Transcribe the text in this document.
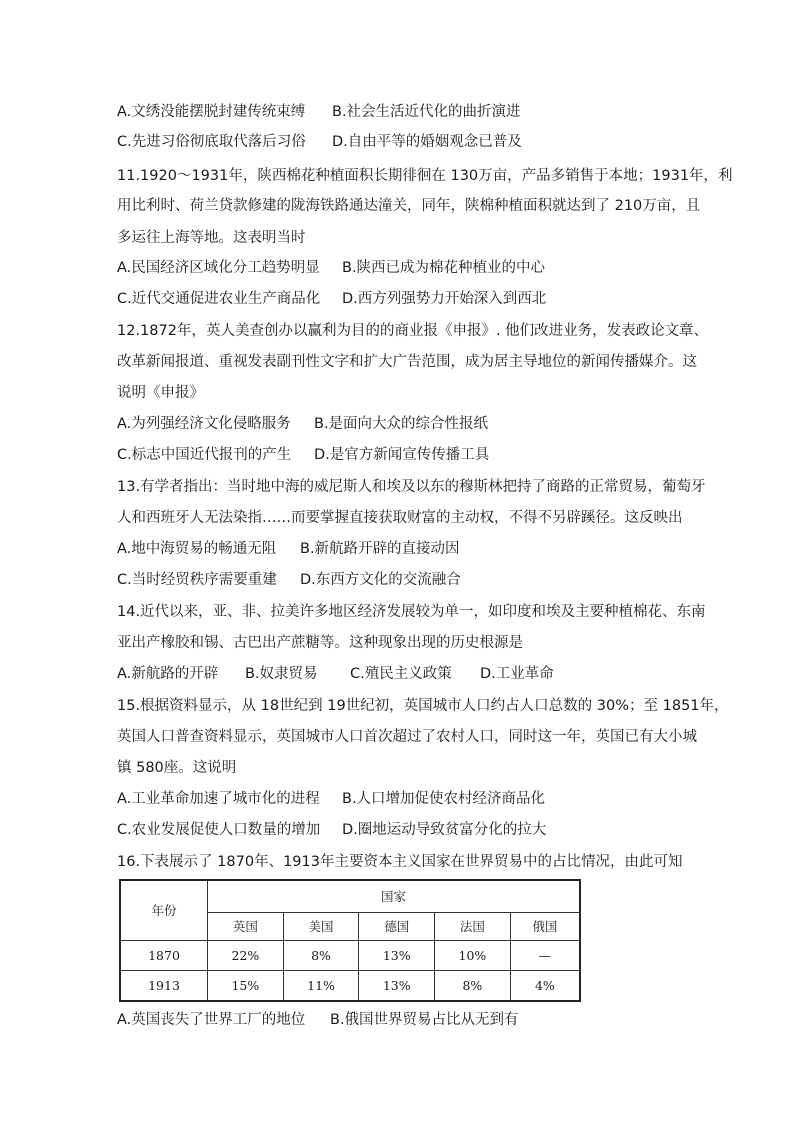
A.文绣没能摆脱封建传统束缚 B.社会生活近代化的曲折演进
C.先进习俗彻底取代落后习俗 D.自由平等的婚姻观念已普及
11.1920～1931年，陕西棉花种植面积长期徘徊在 130万亩，产品多销售于本地；1931年，利
用比利时、荷兰贷款修建的陇海铁路通达潼关，同年，陕棉种植面积就达到了 210万亩，且
多运往上海等地。这表明当时
A.民国经济区域化分工趋势明显 B.陕西已成为棉花种植业的中心
C.近代交通促进农业生产商品化 D.西方列强势力开始深入到西北
12.1872年，英人美查创办以赢利为目的的商业报《申报》. 他们改进业务，发表政论文章、
改革新闻报道、重视发表副刊性文字和扩大广告范围，成为居主导地位的新闻传播媒介。这
说明《申报》
A.为列强经济文化侵略服务 B.是面向大众的综合性报纸
C.标志中国近代报刊的产生 D.是官方新闻宣传传播工具
13.有学者指出：当时地中海的威尼斯人和埃及以东的穆斯林把持了商路的正常贸易，葡萄牙
人和西班牙人无法染指……而要掌握直接获取财富的主动权，不得不另辟蹊径。这反映出
A.地中海贸易的畅通无阻 B.新航路开辟的直接动因
C.当时经贸秩序需要重建 D.东西方文化的交流融合
14.近代以来，亚、非、拉美许多地区经济发展较为单一，如印度和埃及主要种植棉花、东南
亚出产橡胶和锡、古巴出产蔗糖等。这种现象出现的历史根源是
A.新航路的开辟 B.奴隶贸易 C.殖民主义政策 D.工业革命
15.根据资料显示，从 18世纪到 19世纪初，英国城市人口约占人口总数的 30%；至 1851年，
英国人口普查资料显示，英国城市人口首次超过了农村人口，同时这一年，英国已有大小城
镇 580座。这说明
A.工业革命加速了城市化的进程 B.人口增加促使农村经济商品化
C.农业发展促使人口数量的增加 D.圈地运动导致贫富分化的拉大
16.下表展示了 1870年、1913年主要资本主义国家在世界贸易中的占比情况，由此可知
年份	国家				
	英国	美国	德国	法国	俄国
1870	22%	8%	13%	10%	—
1913	15%	11%	13%	8%	4%
A.英国丧失了世界工厂的地位 B.俄国世界贸易占比从无到有
